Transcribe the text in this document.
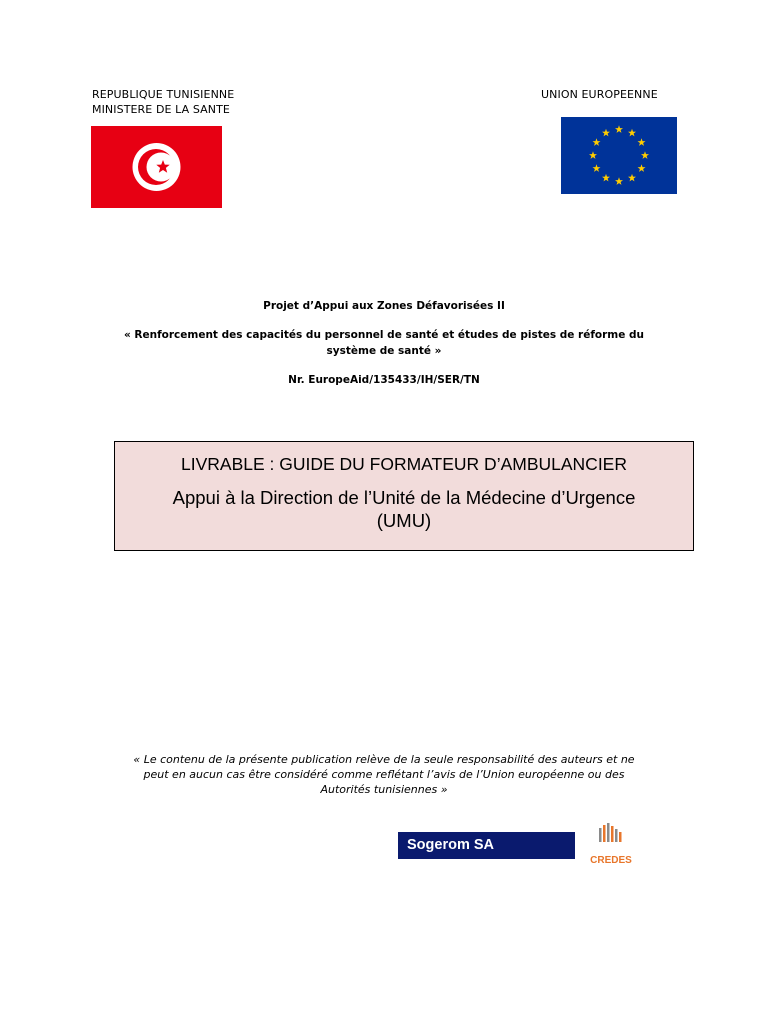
REPUBLIQUE TUNISIENNE
MINISTERE DE LA SANTE
UNION EUROPEENNE
Projet d’Appui aux Zones Défavorisées II
« Renforcement des capacités du personnel de santé et études de pistes de réforme du
système de santé »
Nr. EuropeAid/135433/IH/SER/TN
LIVRABLE : GUIDE DU FORMATEUR D’AMBULANCIER
Appui à la Direction de l’Unité de la Médecine d’Urgence
(UMU)
« Le contenu de la présente publication relève de la seule responsabilité des auteurs et ne
peut en aucun cas être considéré comme reflétant l’avis de l’Union européenne ou des
Autorités tunisiennes »
Sogerom SA
CREDES
